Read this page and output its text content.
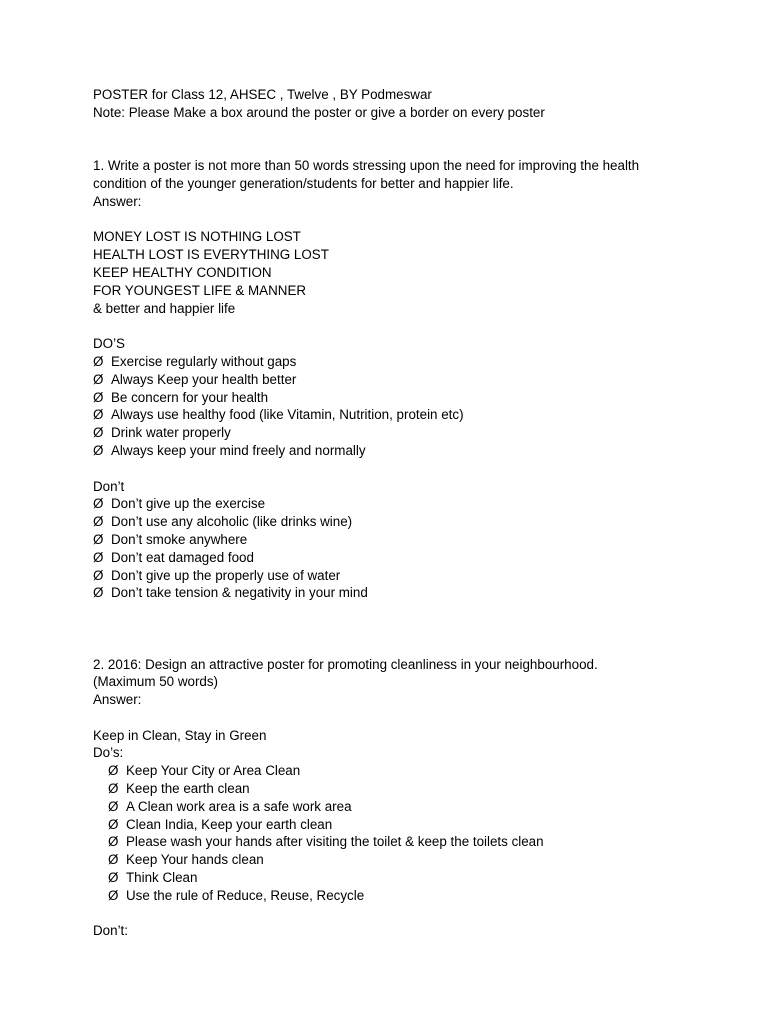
POSTER for Class 12, AHSEC , Twelve , BY Podmeswar
Note: Please Make a box around the poster or give a border on every poster
1. Write a poster is not more than 50 words stressing upon the need for improving the health
condition of the younger generation/students for better and happier life.
Answer:
MONEY LOST IS NOTHING LOST
HEALTH LOST IS EVERYTHING LOST
KEEP HEALTHY CONDITION
FOR YOUNGEST LIFE & MANNER
& better and happier life
DO’S
Ø Exercise regularly without gaps
Ø Always Keep your health better
Ø Be concern for your health
Ø Always use healthy food (like Vitamin, Nutrition, protein etc)
Ø Drink water properly
Ø Always keep your mind freely and normally
Don’t
Ø Don’t give up the exercise
Ø Don’t use any alcoholic (like drinks wine)
Ø Don’t smoke anywhere
Ø Don’t eat damaged food
Ø Don’t give up the properly use of water
Ø Don’t take tension & negativity in your mind
2. 2016: Design an attractive poster for promoting cleanliness in your neighbourhood.
(Maximum 50 words)
Answer:
Keep in Clean, Stay in Green
Do’s:
Ø Keep Your City or Area Clean
Ø Keep the earth clean
Ø A Clean work area is a safe work area
Ø Clean India, Keep your earth clean
Ø Please wash your hands after visiting the toilet & keep the toilets clean
Ø Keep Your hands clean
Ø Think Clean
Ø Use the rule of Reduce, Reuse, Recycle
Don’t:
